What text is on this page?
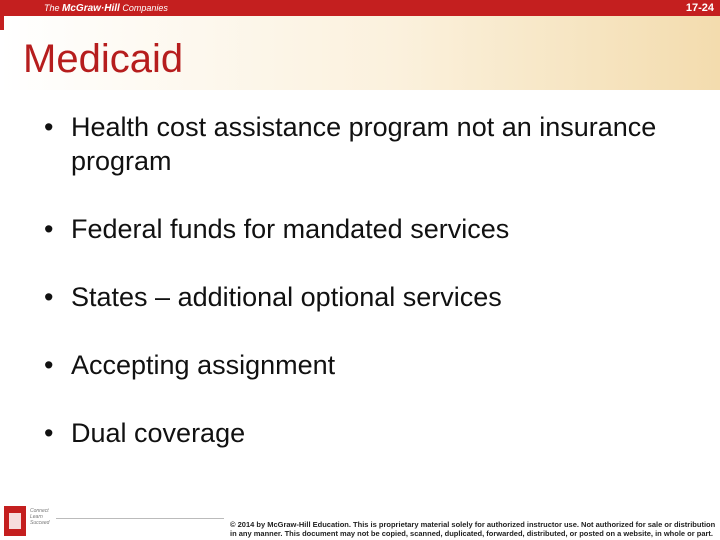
The McGraw·Hill Companies	17-24
Medicaid
• Health cost assistance program not an insurance program
• Federal funds for mandated services
• States – additional optional services
• Accepting assignment
• Dual coverage
Connect Learn Succeed	© 2014 by McGraw-Hill Education. This is proprietary material solely for authorized instructor use. Not authorized for sale or distribution in any manner. This document may not be copied, scanned, duplicated, forwarded, distributed, or posted on a website, in whole or part.
